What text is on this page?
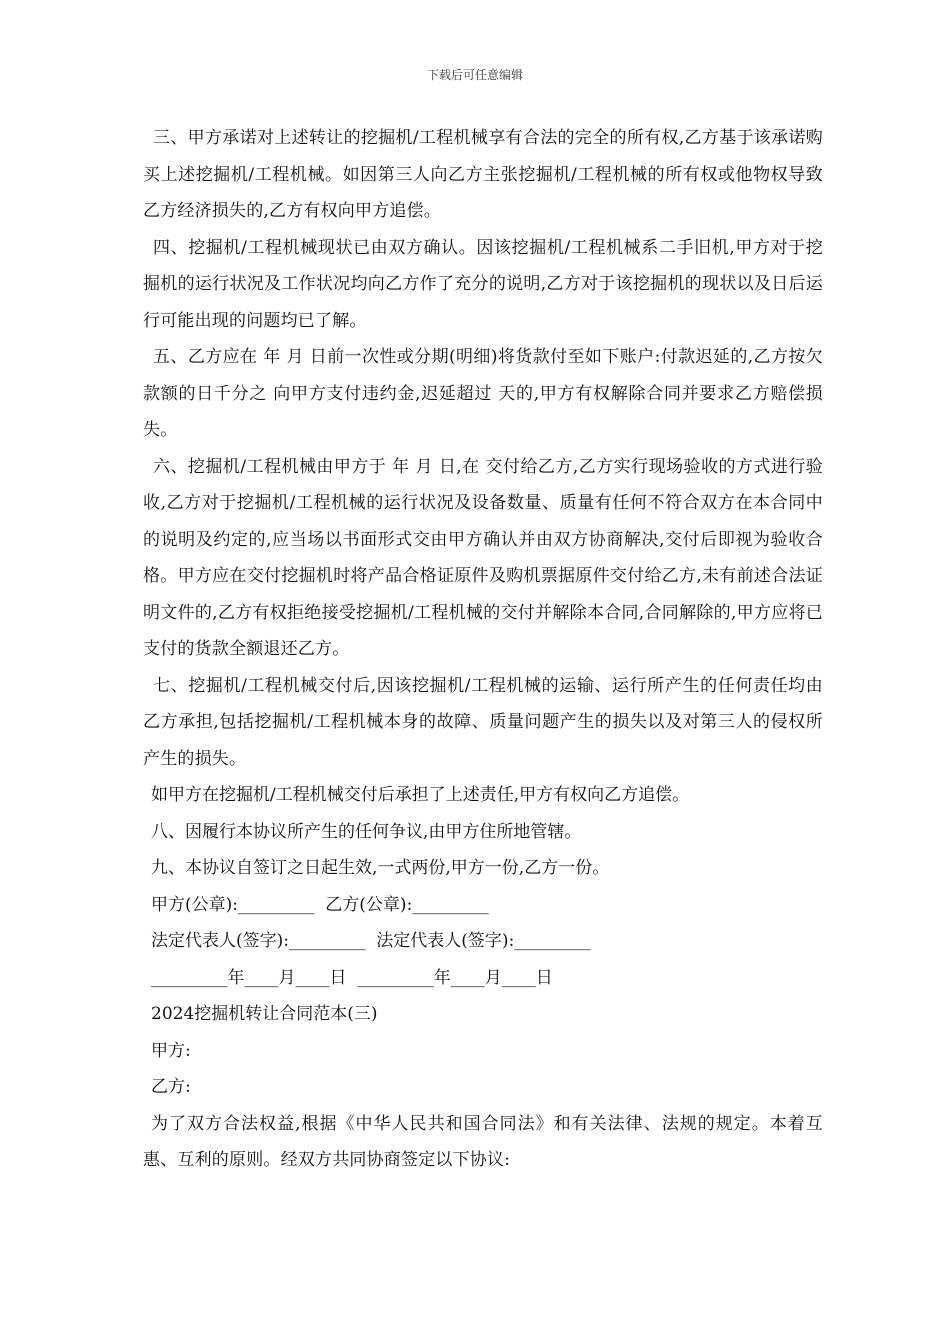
下载后可任意编辑

三、甲方承诺对上述转让的挖掘机/工程机械享有合法的完全的所有权,乙方基于该承诺购买上述挖掘机/工程机械。如因第三人向乙方主张挖掘机/工程机械的所有权或他物权导致乙方经济损失的,乙方有权向甲方追偿。

四、挖掘机/工程机械现状已由双方确认。因该挖掘机/工程机械系二手旧机,甲方对于挖掘机的运行状况及工作状况均向乙方作了充分的说明,乙方对于该挖掘机的现状以及日后运行可能出现的问题均已了解。

五、乙方应在 年 月 日前一次性或分期(明细)将货款付至如下账户:付款迟延的,乙方按欠款额的日千分之 向甲方支付违约金,迟延超过 天的,甲方有权解除合同并要求乙方赔偿损失。

六、挖掘机/工程机械由甲方于 年 月 日,在 交付给乙方,乙方实行现场验收的方式进行验收,乙方对于挖掘机/工程机械的运行状况及设备数量、质量有任何不符合双方在本合同中的说明及约定的,应当场以书面形式交由甲方确认并由双方协商解决,交付后即视为验收合格。甲方应在交付挖掘机时将产品合格证原件及购机票据原件交付给乙方,未有前述合法证明文件的,乙方有权拒绝接受挖掘机/工程机械的交付并解除本合同,合同解除的,甲方应将已支付的货款全额退还乙方。

七、挖掘机/工程机械交付后,因该挖掘机/工程机械的运输、运行所产生的任何责任均由乙方承担,包括挖掘机/工程机械本身的故障、质量问题产生的损失以及对第三人的侵权所产生的损失。

如甲方在挖掘机/工程机械交付后承担了上述责任,甲方有权向乙方追偿。

八、因履行本协议所产生的任何争议,由甲方住所地管辖。

九、本协议自签订之日起生效,一式两份,甲方一份,乙方一份。

甲方(公章):_________  乙方(公章):_________

法定代表人(签字):_________  法定代表人(签字):_________

_________年____月____日  _________年____月____日

2024挖掘机转让合同范本(三)

甲方:

乙方:

为了双方合法权益,根据《中华人民共和国合同法》和有关法律、法规的规定。本着互惠、互利的原则。经双方共同协商签定以下协议:
